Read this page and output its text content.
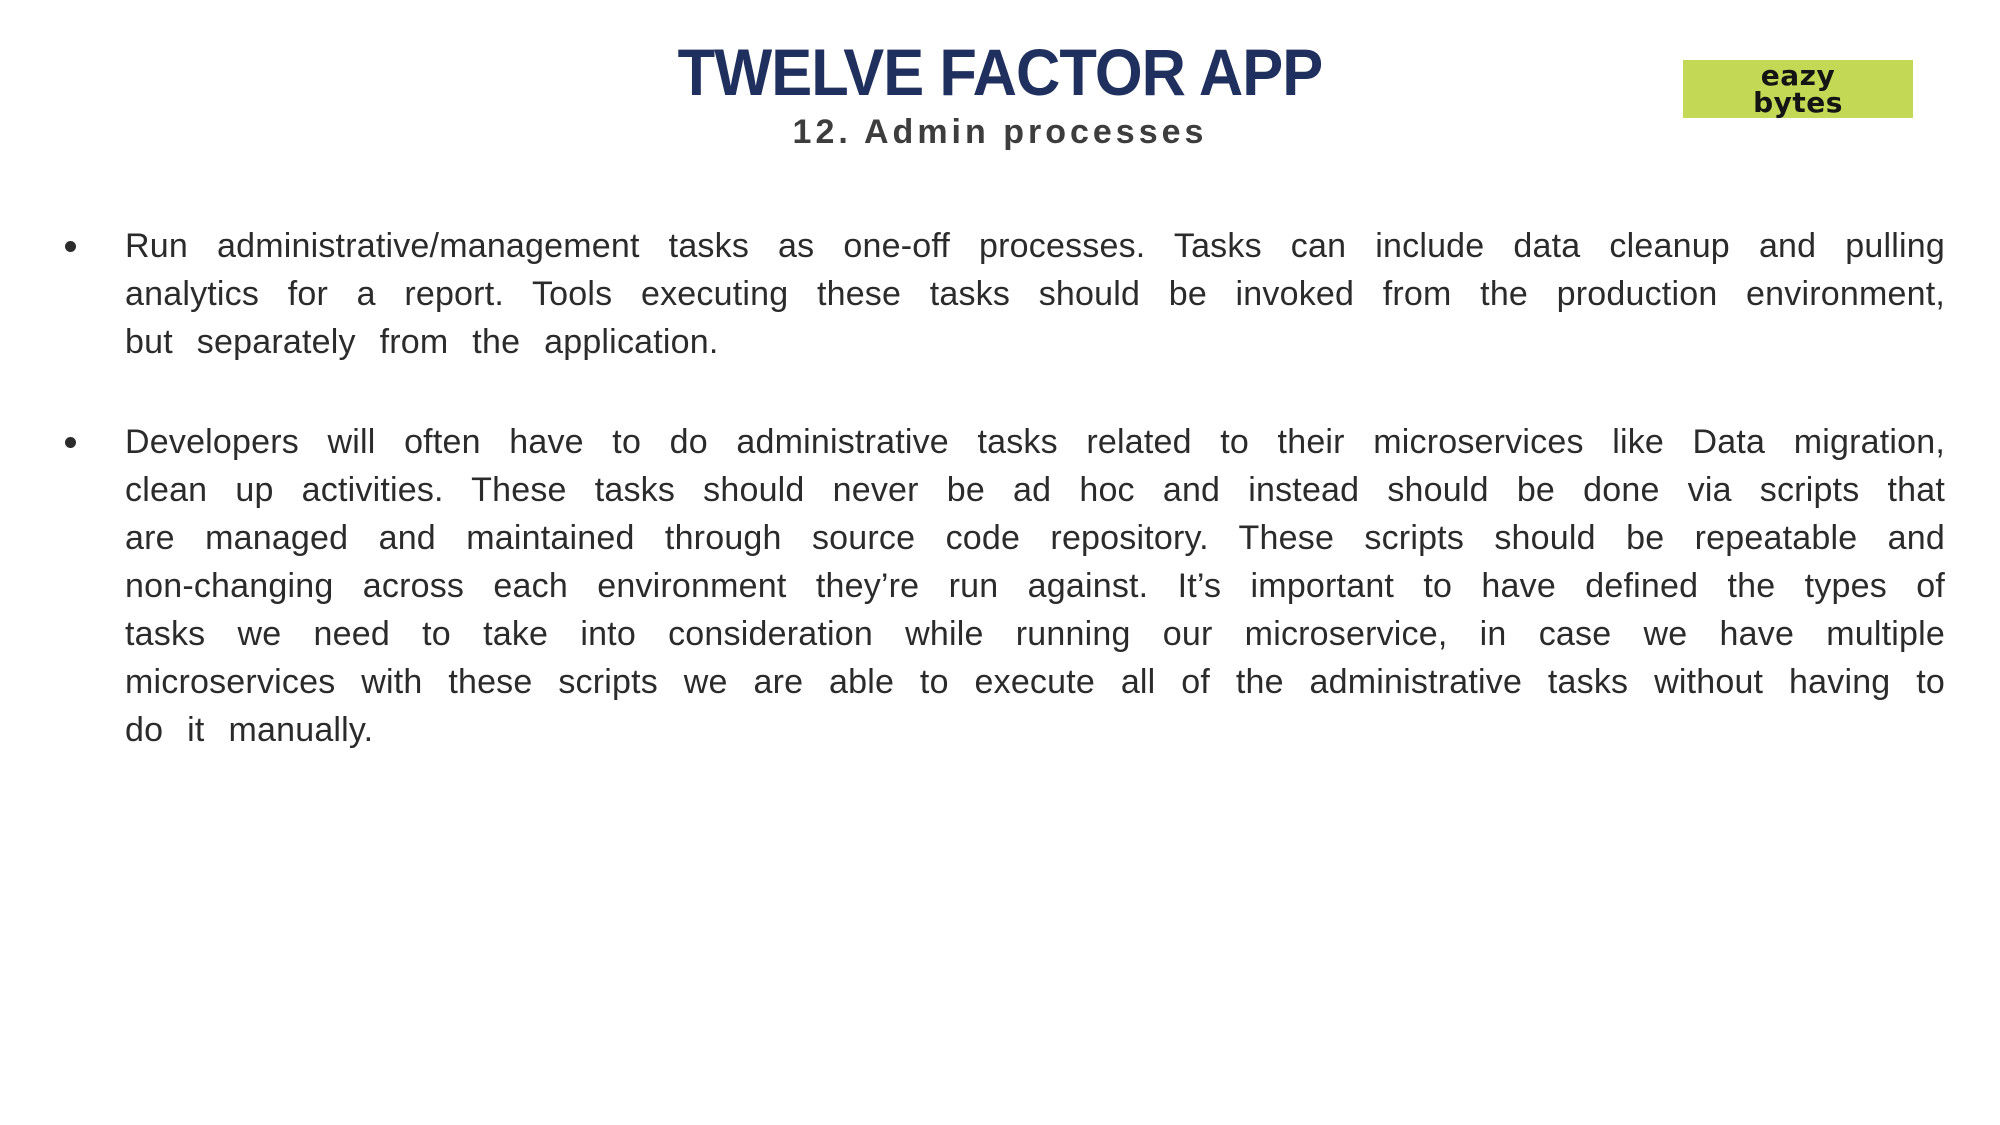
TWELVE FACTOR APP
12. Admin processes
eazy
bytes
Run administrative/management tasks as one-off processes. Tasks can include data cleanup and pulling analytics for a report. Tools executing these tasks should be invoked from the production environment, but separately from the application.
Developers will often have to do administrative tasks related to their microservices like Data migration, clean up activities. These tasks should never be ad hoc and instead should be done via scripts that are managed and maintained through source code repository. These scripts should be repeatable and non-changing across each environment they’re run against. It’s important to have defined the types of tasks we need to take into consideration while running our microservice, in case we have multiple microservices with these scripts we are able to execute all of the administrative tasks without having to do it manually.
